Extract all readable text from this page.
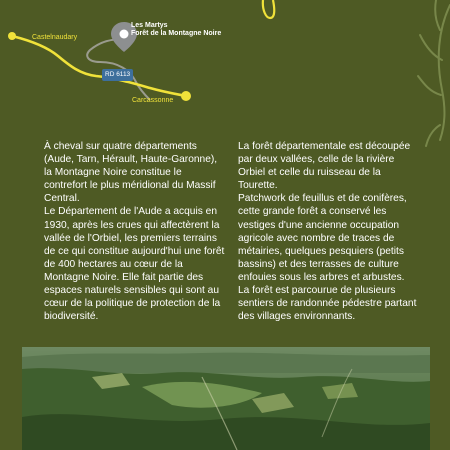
Les Martys
Forêt de la Montagne Noire
Castelnaudary
Carcassonne
RD 6113

À cheval sur quatre départements (Aude, Tarn, Hérault, Haute-Garonne), la Montagne Noire constitue le contrefort le plus méridional du Massif Central.

Le Département de l'Aude a acquis en 1930, après les crues qui affectèrent la vallée de l'Orbiel, les premiers terrains de ce qui constitue aujourd'hui une forêt de 400 hectares au cœur de la Montagne Noire. Elle fait partie des espaces naturels sensibles qui sont au cœur de la politique de protection de la biodiversité.

La forêt départementale est découpée par deux vallées, celle de la rivière Orbiel et celle du ruisseau de la Tourette.

Patchwork de feuillus et de conifères, cette grande forêt a conservé les vestiges d'une ancienne occupation agricole avec nombre de traces de métairies, quelques pesquiers (petits bassins) et des terrasses de culture enfouies sous les arbres et arbustes.

La forêt est parcourue de plusieurs sentiers de randonnée pédestre partant des villages environnants.
